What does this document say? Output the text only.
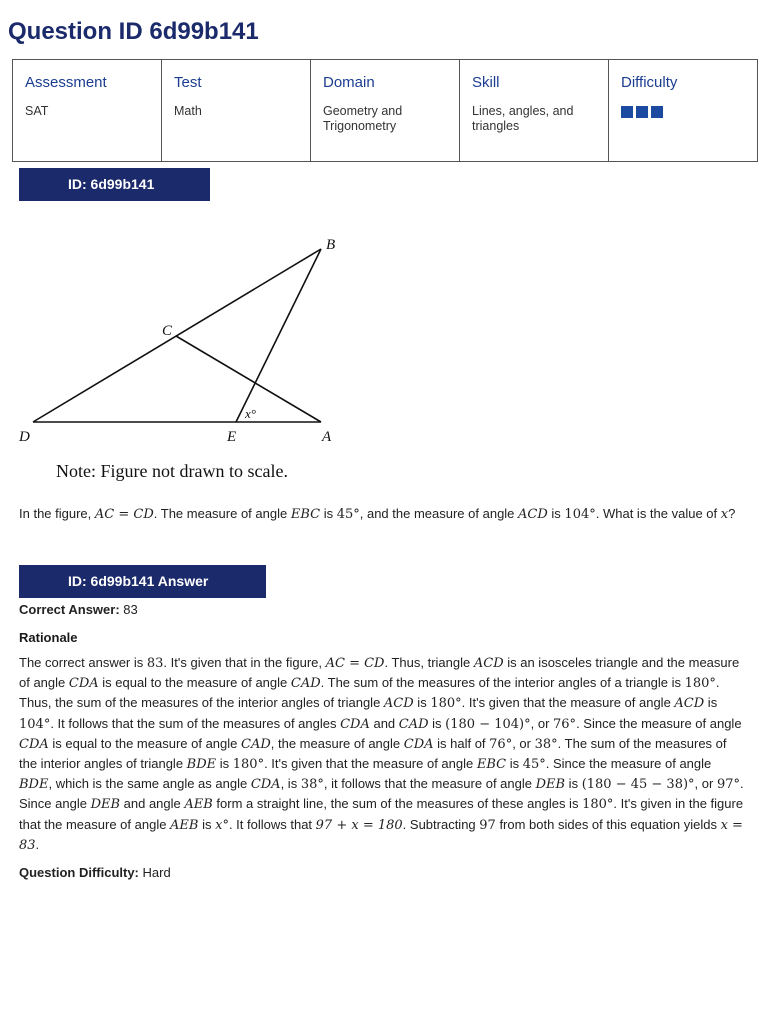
Question ID 6d99b141
Assessment
SAT

Test
Math

Domain
Geometry and Trigonometry

Skill
Lines, angles, and triangles

Difficulty
ID: 6d99b141
B
C
D	E	A
x°
Note: Figure not drawn to scale.

In the figure, AC = CD. The measure of angle EBC is 45°, and the measure of angle ACD is 104°. What is the value of x?

ID: 6d99b141 Answer
Correct Answer: 83
Rationale

The correct answer is 83. It's given that in the figure, AC = CD. Thus, triangle ACD is an isosceles triangle and the measure of angle CDA is equal to the measure of angle CAD. The sum of the measures of the interior angles of a triangle is 180°. Thus, the sum of the measures of the interior angles of triangle ACD is 180°. It's given that the measure of angle ACD is 104°. It follows that the sum of the measures of angles CDA and CAD is (180 − 104)°, or 76°. Since the measure of angle CDA is equal to the measure of angle CAD, the measure of angle CDA is half of 76°, or 38°. The sum of the measures of the interior angles of triangle BDE is 180°. It's given that the measure of angle EBC is 45°. Since the measure of angle BDE, which is the same angle as angle CDA, is 38°, it follows that the measure of angle DEB is (180 − 45 − 38)°, or 97°. Since angle DEB and angle AEB form a straight line, the sum of the measures of these angles is 180°. It's given in the figure that the measure of angle AEB is x°. It follows that 97 + x = 180. Subtracting 97 from both sides of this equation yields x = 83.

Question Difficulty: Hard
